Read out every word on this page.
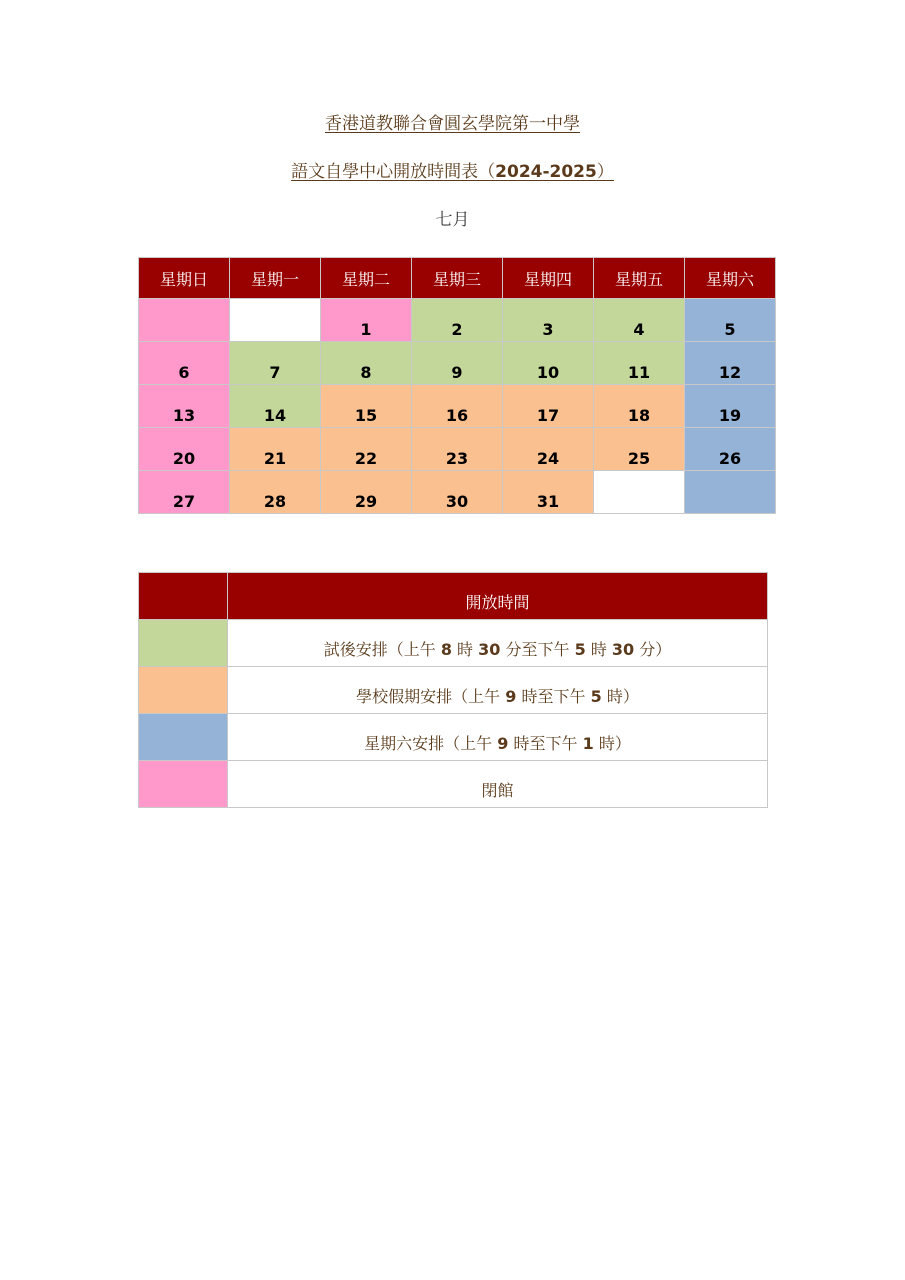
香港道教聯合會圓玄學院第一中學
語文自學中心開放時間表（2024-2025）
七月
星期日	星期一	星期二	星期三	星期四	星期五	星期六
		1	2	3	4	5
6	7	8	9	10	11	12
13	14	15	16	17	18	19
20	21	22	23	24	25	26
27	28	29	30	31		
	開放時間
	試後安排（上午 8 時 30 分至下午 5 時 30 分）
	學校假期安排（上午 9 時至下午 5 時）
	星期六安排（上午 9 時至下午 1 時）
	閉館
